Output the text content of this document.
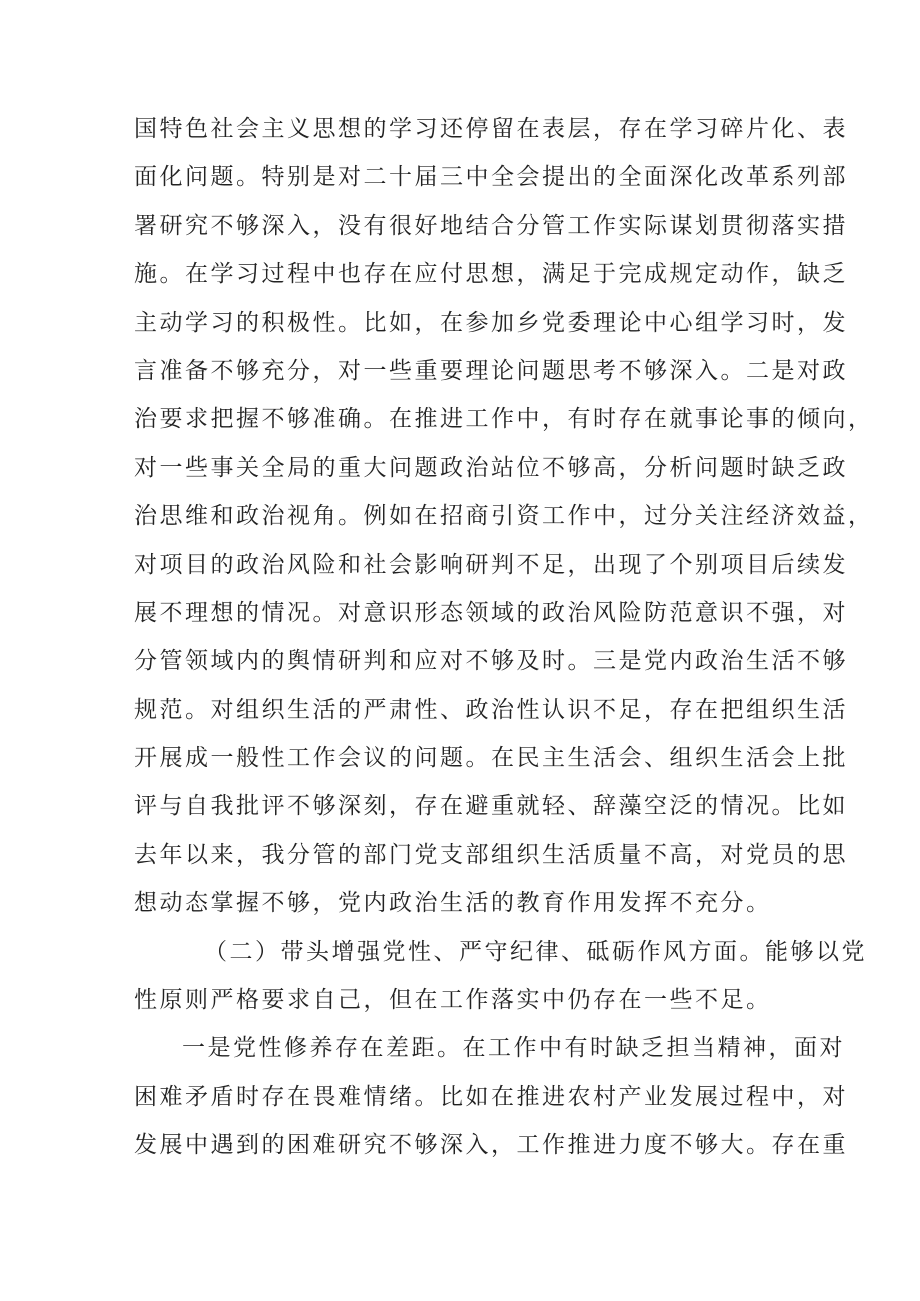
国特色社会主义思想的学习还停留在表层，存在学习碎片化、表
面化问题。特别是对二十届三中全会提出的全面深化改革系列部
署研究不够深入，没有很好地结合分管工作实际谋划贯彻落实措
施。在学习过程中也存在应付思想，满足于完成规定动作，缺乏
主动学习的积极性。比如，在参加乡党委理论中心组学习时，发
言准备不够充分，对一些重要理论问题思考不够深入。二是对政
治要求把握不够准确。在推进工作中，有时存在就事论事的倾向，
对一些事关全局的重大问题政治站位不够高，分析问题时缺乏政
治思维和政治视角。例如在招商引资工作中，过分关注经济效益，
对项目的政治风险和社会影响研判不足，出现了个别项目后续发
展不理想的情况。对意识形态领域的政治风险防范意识不强，对
分管领域内的舆情研判和应对不够及时。三是党内政治生活不够
规范。对组织生活的严肃性、政治性认识不足，存在把组织生活
开展成一般性工作会议的问题。在民主生活会、组织生活会上批
评与自我批评不够深刻，存在避重就轻、辞藻空泛的情况。比如
去年以来，我分管的部门党支部组织生活质量不高，对党员的思
想动态掌握不够，党内政治生活的教育作用发挥不充分。
（二）带头增强党性、严守纪律、砥砺作风方面。能够以党
性原则严格要求自己，但在工作落实中仍存在一些不足。
一是党性修养存在差距。在工作中有时缺乏担当精神，面对
困难矛盾时存在畏难情绪。比如在推进农村产业发展过程中，对
发展中遇到的困难研究不够深入，工作推进力度不够大。存在重
